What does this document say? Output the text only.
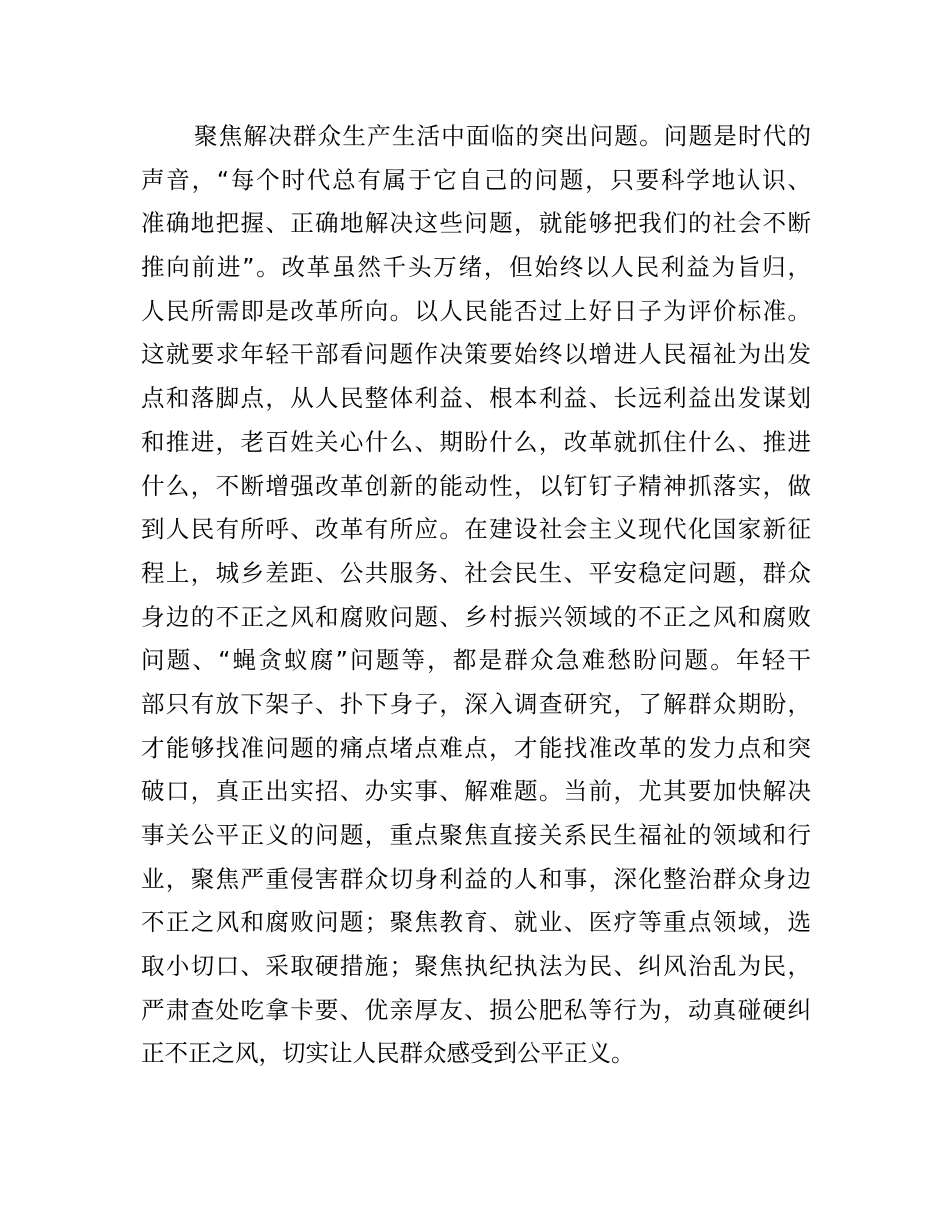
聚焦解决群众生产生活中面临的突出问题。问题是时代的
声音，“每个时代总有属于它自己的问题，只要科学地认识、
准确地把握、正确地解决这些问题，就能够把我们的社会不断
推向前进”。改革虽然千头万绪，但始终以人民利益为旨归，
人民所需即是改革所向。以人民能否过上好日子为评价标准。
这就要求年轻干部看问题作决策要始终以增进人民福祉为出发
点和落脚点，从人民整体利益、根本利益、长远利益出发谋划
和推进，老百姓关心什么、期盼什么，改革就抓住什么、推进
什么，不断增强改革创新的能动性，以钉钉子精神抓落实，做
到人民有所呼、改革有所应。在建设社会主义现代化国家新征
程上，城乡差距、公共服务、社会民生、平安稳定问题，群众
身边的不正之风和腐败问题、乡村振兴领域的不正之风和腐败
问题、“蝇贪蚁腐”问题等，都是群众急难愁盼问题。年轻干
部只有放下架子、扑下身子，深入调查研究，了解群众期盼，
才能够找准问题的痛点堵点难点，才能找准改革的发力点和突
破口，真正出实招、办实事、解难题。当前，尤其要加快解决
事关公平正义的问题，重点聚焦直接关系民生福祉的领域和行
业，聚焦严重侵害群众切身利益的人和事，深化整治群众身边
不正之风和腐败问题；聚焦教育、就业、医疗等重点领域，选
取小切口、采取硬措施；聚焦执纪执法为民、纠风治乱为民，
严肃查处吃拿卡要、优亲厚友、损公肥私等行为，动真碰硬纠
正不正之风，切实让人民群众感受到公平正义。
